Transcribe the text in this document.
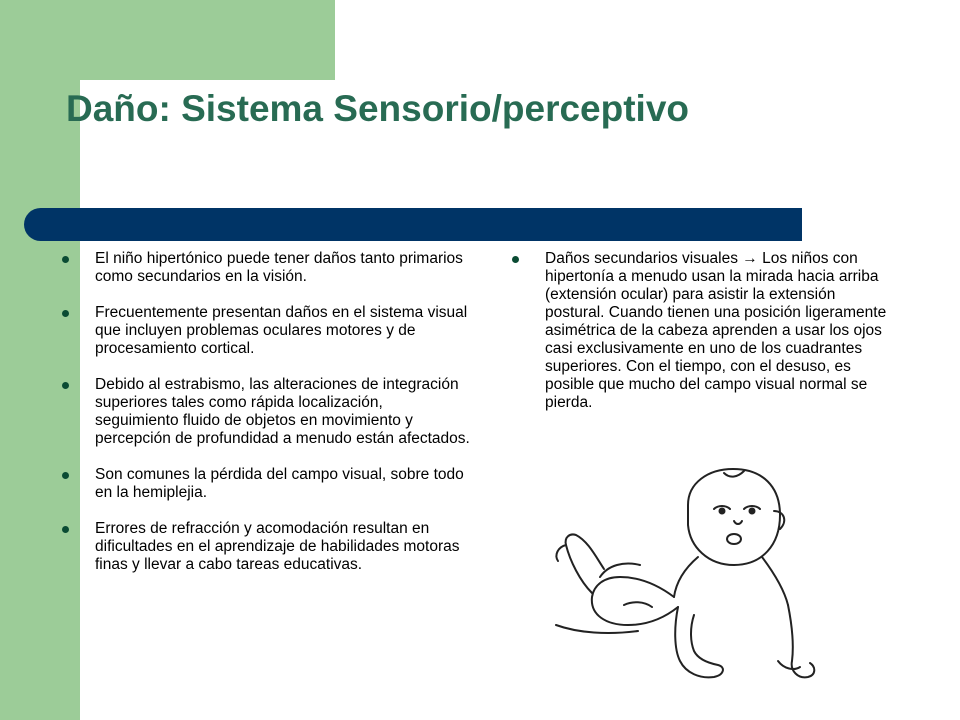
Daño: Sistema Sensorio/perceptivo
El niño hipertónico puede tener daños tanto primarios como secundarios en la visión.
Frecuentemente presentan daños en el sistema visual que incluyen problemas oculares motores y de procesamiento cortical.
Debido al estrabismo, las alteraciones de integración superiores tales como rápida localización, seguimiento fluido de objetos en movimiento y percepción de profundidad a menudo están afectados.
Son comunes la pérdida del campo visual, sobre todo en la hemiplejia.
Errores de refracción y acomodación resultan en dificultades en el aprendizaje de habilidades motoras finas y llevar a cabo tareas educativas.
Daños secundarios visuales → Los niños con hipertonía a menudo usan la mirada hacia arriba (extensión ocular) para asistir la extensión postural. Cuando tienen una posición ligeramente asimétrica de la cabeza aprenden a usar los ojos casi exclusivamente en uno de los cuadrantes superiores. Con el tiempo, con el desuso, es posible que mucho del campo visual normal se pierda.
